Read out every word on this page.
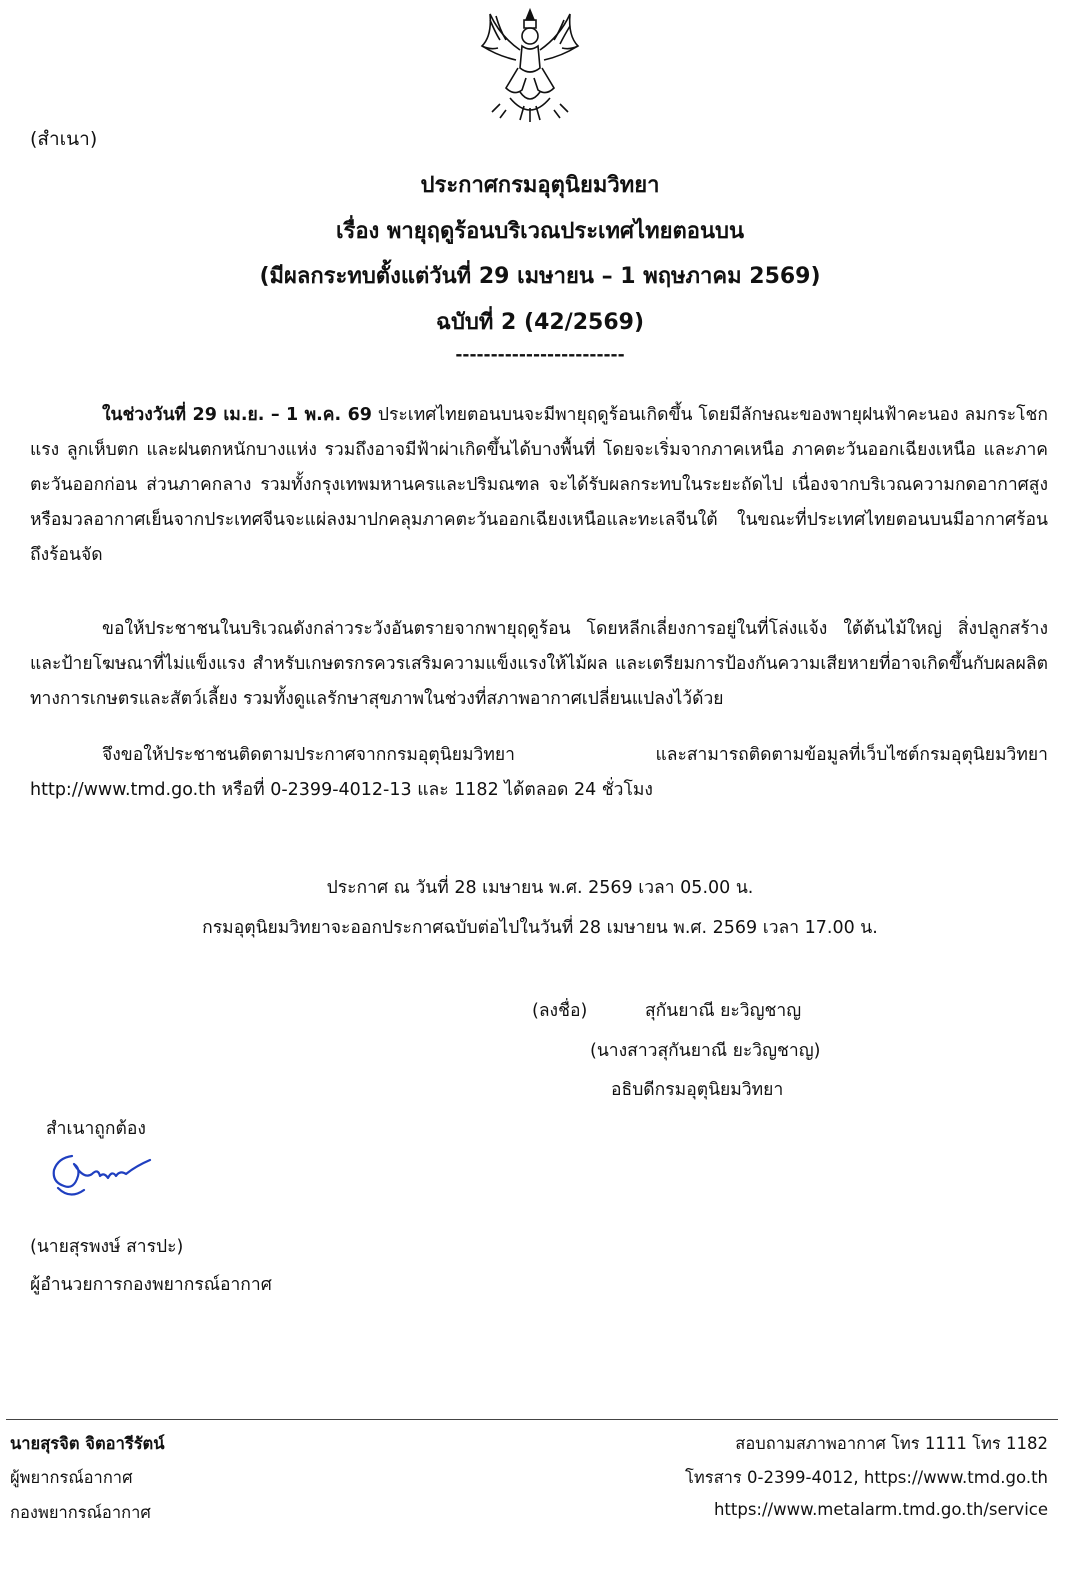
(สำเนา)
ประกาศกรมอุตุนิยมวิทยา
เรื่อง พายุฤดูร้อนบริเวณประเทศไทยตอนบน
(มีผลกระทบตั้งแต่วันที่ 29 เมษายน – 1 พฤษภาคม 2569)
ฉบับที่ 2 (42/2569)
------------------------

ในช่วงวันที่ 29 เม.ย. – 1 พ.ค. 69 ประเทศไทยตอนบนจะมีพายุฤดูร้อนเกิดขึ้น โดยมีลักษณะของพายุฝนฟ้าคะนอง ลมกระโชกแรง ลูกเห็บตก และฝนตกหนักบางแห่ง รวมถึงอาจมีฟ้าผ่าเกิดขึ้นได้บางพื้นที่ โดยจะเริ่มจากภาคเหนือ ภาคตะวันออกเฉียงเหนือ และภาคตะวันออกก่อน ส่วนภาคกลาง รวมทั้งกรุงเทพมหานครและปริมณฑล จะได้รับผลกระทบในระยะถัดไป เนื่องจากบริเวณความกดอากาศสูงหรือมวลอากาศเย็นจากประเทศจีนจะแผ่ลงมาปกคลุมภาคตะวันออกเฉียงเหนือและทะเลจีนใต้ ในขณะที่ประเทศไทยตอนบนมีอากาศร้อนถึงร้อนจัด

ขอให้ประชาชนในบริเวณดังกล่าวระวังอันตรายจากพายุฤดูร้อน โดยหลีกเลี่ยงการอยู่ในที่โล่งแจ้ง ใต้ต้นไม้ใหญ่ สิ่งปลูกสร้าง และป้ายโฆษณาที่ไม่แข็งแรง สำหรับเกษตรกรควรเสริมความแข็งแรงให้ไม้ผล และเตรียมการป้องกันความเสียหายที่อาจเกิดขึ้นกับผลผลิต ทางการเกษตรและสัตว์เลี้ยง รวมทั้งดูแลรักษาสุขภาพในช่วงที่สภาพอากาศเปลี่ยนแปลงไว้ด้วย

จึงขอให้ประชาชนติดตามประกาศจากกรมอุตุนิยมวิทยา และสามารถติดตามข้อมูลที่เว็บไซต์กรมอุตุนิยมวิทยา http://www.tmd.go.th หรือที่ 0-2399-4012-13 และ 1182 ได้ตลอด 24 ชั่วโมง

ประกาศ ณ วันที่ 28 เมษายน พ.ศ. 2569 เวลา 05.00 น.
กรมอุตุนิยมวิทยาจะออกประกาศฉบับต่อไปในวันที่ 28 เมษายน พ.ศ. 2569 เวลา 17.00 น.
(ลงชื่อ)	สุกันยาณี ยะวิญชาญ
(นางสาวสุกันยาณี ยะวิญชาญ)
อธิบดีกรมอุตุนิยมวิทยา
สำเนาถูกต้อง
(นายสุรพงษ์ สารปะ)
ผู้อำนวยการกองพยากรณ์อากาศ
นายสุรจิต จิตอารีรัตน์
ผู้พยากรณ์อากาศ
กองพยากรณ์อากาศ
สอบถามสภาพอากาศ โทร 1111 โทร 1182
โทรสาร 0-2399-4012, https://www.tmd.go.th
https://www.metalarm.tmd.go.th/service
